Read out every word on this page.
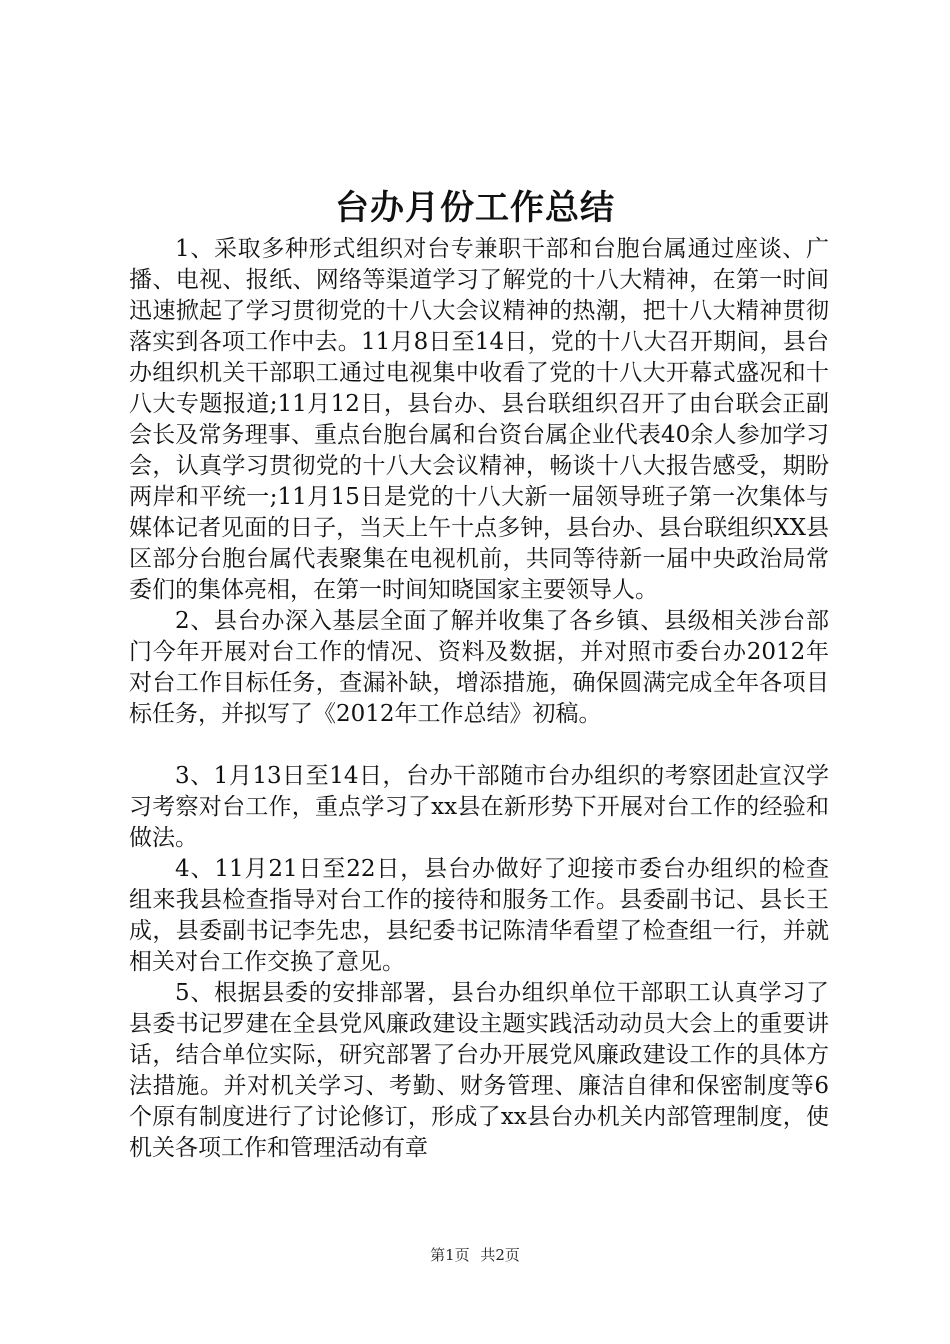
台办月份工作总结

1、采取多种形式组织对台专兼职干部和台胞台属通过座谈、广播、电视、报纸、网络等渠道学习了解党的十八大精神，在第一时间迅速掀起了学习贯彻党的十八大会议精神的热潮，把十八大精神贯彻落实到各项工作中去。11月8日至14日，党的十八大召开期间，县台办组织机关干部职工通过电视集中收看了党的十八大开幕式盛况和十八大专题报道;11月12日，县台办、县台联组织召开了由台联会正副会长及常务理事、重点台胞台属和台资台属企业代表40余人参加学习会，认真学习贯彻党的十八大会议精神，畅谈十八大报告感受，期盼两岸和平统一;11月15日是党的十八大新一届领导班子第一次集体与媒体记者见面的日子，当天上午十点多钟，县台办、县台联组织XX县区部分台胞台属代表聚集在电视机前，共同等待新一届中央政治局常委们的集体亮相，在第一时间知晓国家主要领导人。

2、县台办深入基层全面了解并收集了各乡镇、县级相关涉台部门今年开展对台工作的情况、资料及数据，并对照市委台办2012年对台工作目标任务，查漏补缺，增添措施，确保圆满完成全年各项目标任务，并拟写了《2012年工作总结》初稿。

3、1月13日至14日，台办干部随市台办组织的考察团赴宣汉学习考察对台工作，重点学习了xx县在新形势下开展对台工作的经验和做法。

4、11月21日至22日，县台办做好了迎接市委台办组织的检查组来我县检查指导对台工作的接待和服务工作。县委副书记、县长王成，县委副书记李先忠，县纪委书记陈清华看望了检查组一行，并就相关对台工作交换了意见。

5、根据县委的安排部署，县台办组织单位干部职工认真学习了县委书记罗建在全县党风廉政建设主题实践活动动员大会上的重要讲话，结合单位实际，研究部署了台办开展党风廉政建设工作的具体方法措施。并对机关学习、考勤、财务管理、廉洁自律和保密制度等6个原有制度进行了讨论修订，形成了xx县台办机关内部管理制度，使机关各项工作和管理活动有章

第1页 共2页
